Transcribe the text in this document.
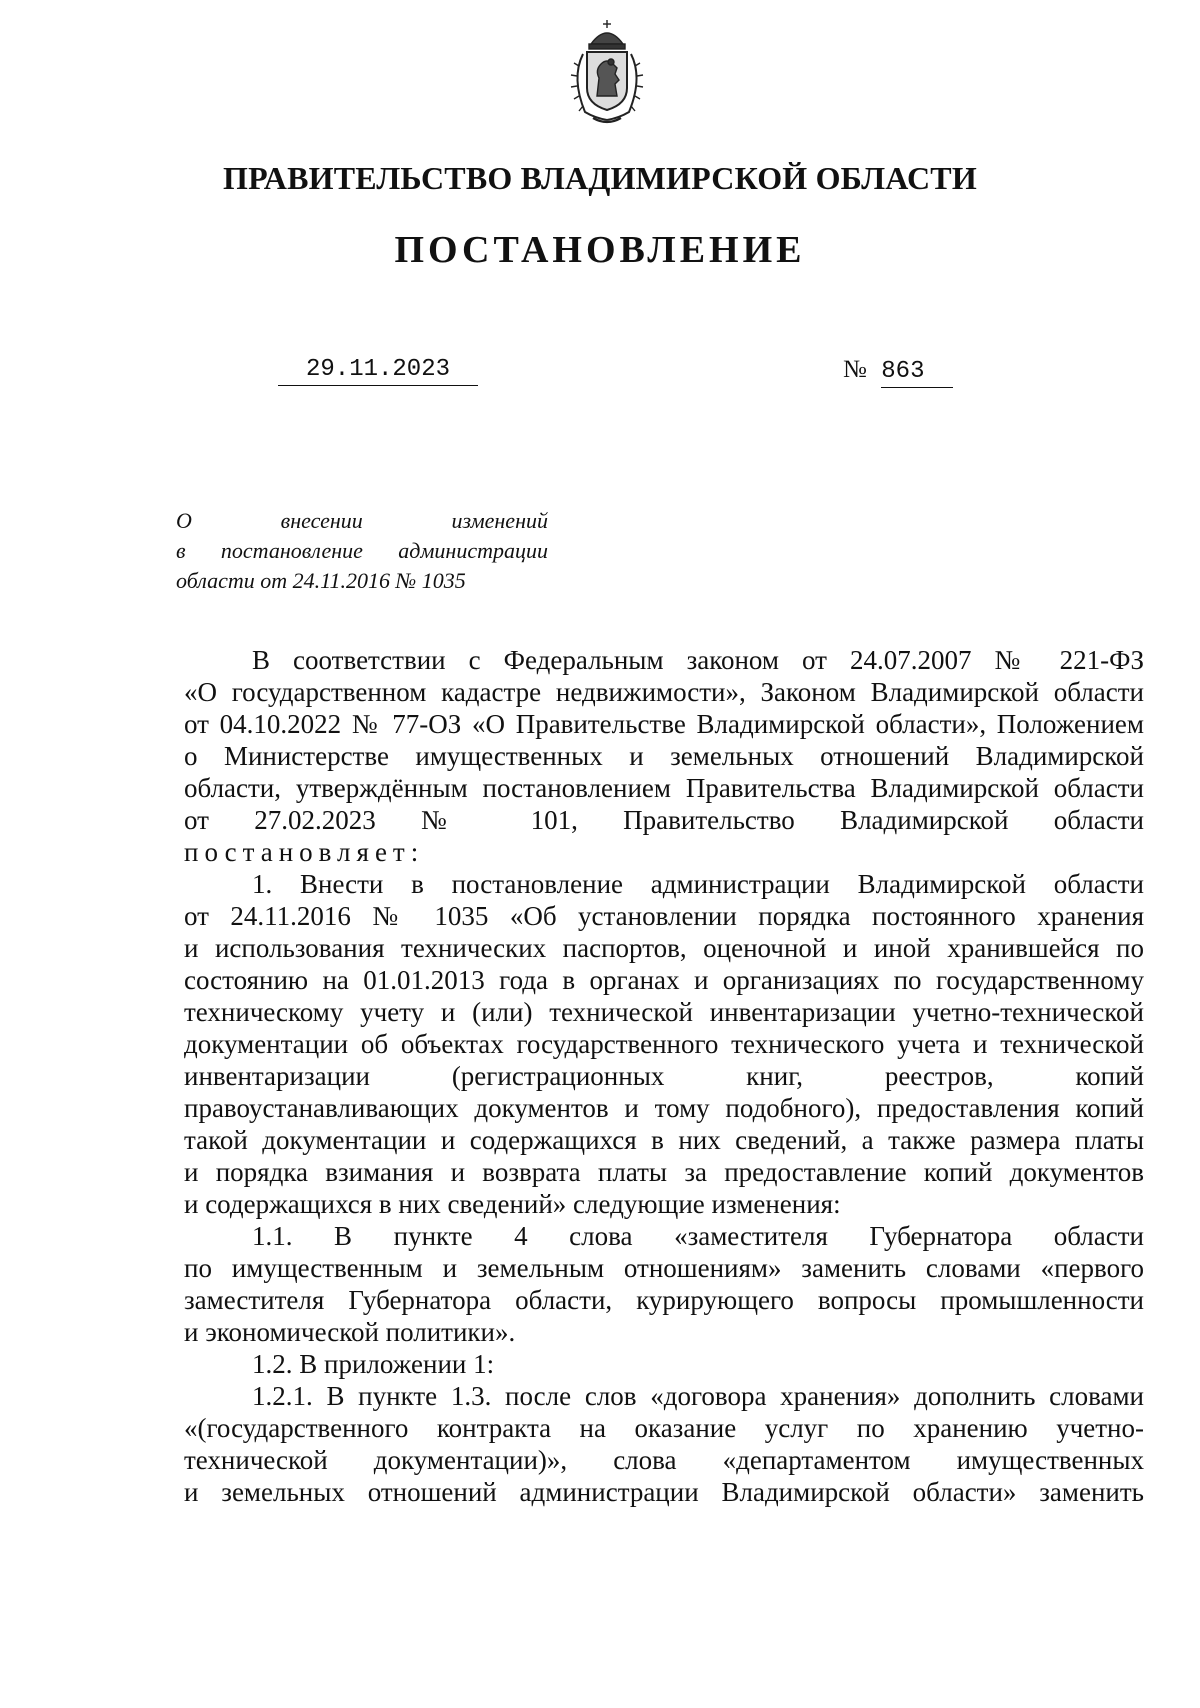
ПРАВИТЕЛЬСТВО ВЛАДИМИРСКОЙ ОБЛАСТИ
ПОСТАНОВЛЕНИЕ
29.11.2023	№ 863
О внесении изменений
в постановление администрации
области от 24.11.2016 № 1035
В соответствии с Федеральным законом от 24.07.2007 № 221-ФЗ
«О государственном кадастре недвижимости», Законом Владимирской области
от 04.10.2022 № 77-ОЗ «О Правительстве Владимирской области», Положением
о Министерстве имущественных и земельных отношений Владимирской
области, утверждённым постановлением Правительства Владимирской области
от 27.02.2023 № 101, Правительство Владимирской области
постановляет:
1. Внести в постановление администрации Владимирской области
от 24.11.2016 № 1035 «Об установлении порядка постоянного хранения
и использования технических паспортов, оценочной и иной хранившейся по
состоянию на 01.01.2013 года в органах и организациях по государственному
техническому учету и (или) технической инвентаризации учетно-технической
документации об объектах государственного технического учета и технической
инвентаризации (регистрационных книг, реестров, копий
правоустанавливающих документов и тому подобного), предоставления копий
такой документации и содержащихся в них сведений, а также размера платы
и порядка взимания и возврата платы за предоставление копий документов
и содержащихся в них сведений» следующие изменения:
1.1. В пункте 4 слова «заместителя Губернатора области
по имущественным и земельным отношениям» заменить словами «первого
заместителя Губернатора области, курирующего вопросы промышленности
и экономической политики».
1.2. В приложении 1:
1.2.1. В пункте 1.3. после слов «договора хранения» дополнить словами
«(государственного контракта на оказание услуг по хранению учетно-
технической документации)», слова «департаментом имущественных
и земельных отношений администрации Владимирской области» заменить
